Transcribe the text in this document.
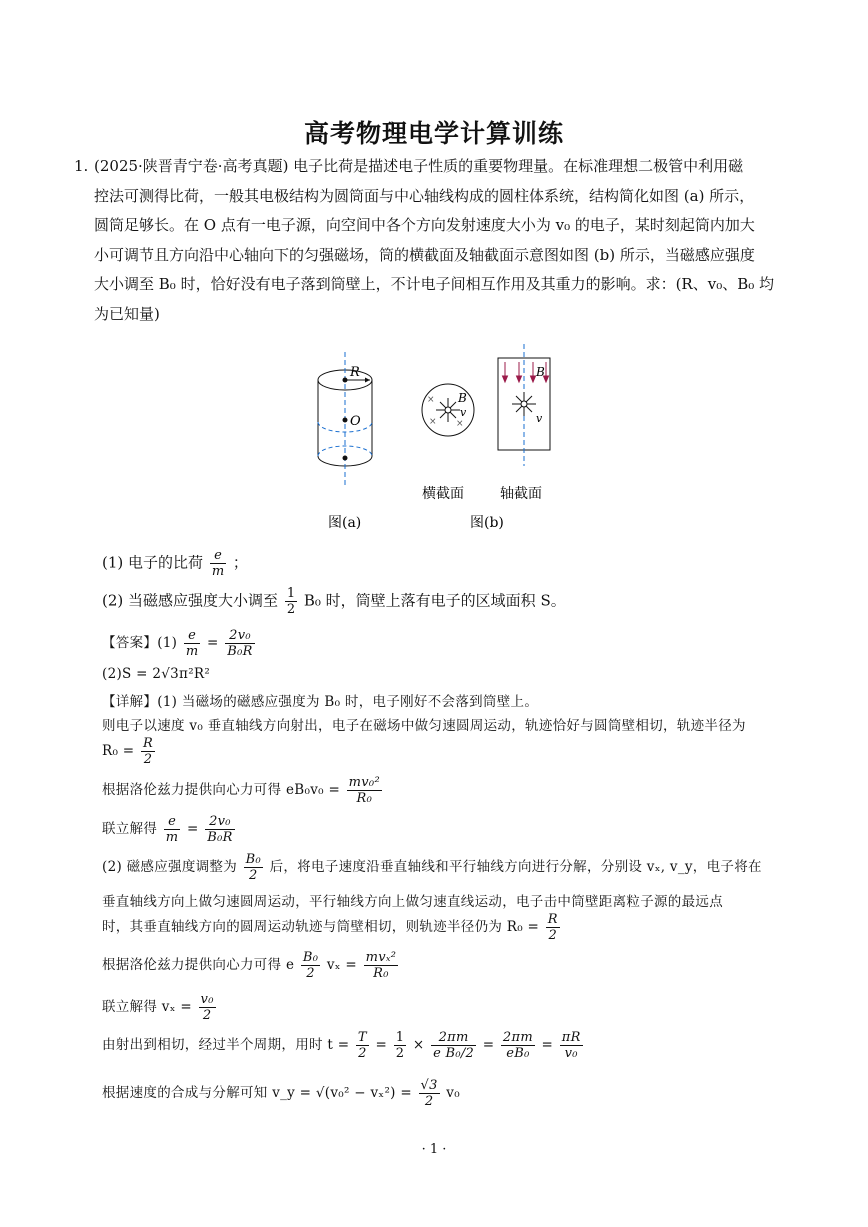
高考物理电学计算训练
1. (2025·陕晋青宁卷·高考真题) 电子比荷是描述电子性质的重要物理量。在标准理想二极管中利用磁
控法可测得比荷，一般其电极结构为圆筒面与中心轴线构成的圆柱体系统，结构简化如图 (a) 所示，
圆筒足够长。在 O 点有一电子源，向空间中各个方向发射速度大小为 v₀ 的电子，某时刻起筒内加大
小可调节且方向沿中心轴向下的匀强磁场，筒的横截面及轴截面示意图如图 (b) 所示，当磁感应强度
大小调至 B₀ 时，恰好没有电子落到筒壁上，不计电子间相互作用及其重力的影响。求：(R、v₀、B₀ 均
为已知量)
R
O
×
× ×
B
v
B
v
横截面	轴截面
图(a)	图(b)
(1) 电子的比荷 $\frac{e}{m}$ ；
(2) 当磁感应强度大小调至 $\frac{1}{2} B_0$ 时，筒壁上落有电子的区域面积 S。
【答案】$(1) \frac{e}{m} = \frac{\text{2v₀}}{\text{B₀R}}$
(2)S = 2√3π²R²
【详解】(1) 当磁场的磁感应强度为 B₀ 时，电子刚好不会落到筒壁上。
则电子以速度 v₀ 垂直轴线方向射出，电子在磁场中做匀速圆周运动，轨迹恰好与圆筒壁相切，轨迹半径为
$R_0 = \frac{R}{2}$
根据洛伦兹力提供向心力可得 $eB_0v_0 = \frac{\text{mv₀²}}{\text{R₀}}$
联立解得 $\frac{e}{m} = \frac{\text{2v₀}}{\text{B₀R}}$
(2) 磁感应强度调整为 $\frac{\text{B₀}}{2}$ 后，将电子速度沿垂直轴线和平行轴线方向进行分解，分别设 vₓ, v_y，电子将在
垂直轴线方向上做匀速圆周运动，平行轴线方向上做匀速直线运动，电子击中筒壁距离粒子源的最远点
时，其垂直轴线方向的圆周运动轨迹与筒壁相切，则轨迹半径仍为 $R_0 = \frac{R}{2}$
根据洛伦兹力提供向心力可得 e $\frac{\text{B₀}}{2}$ $v_x = \frac{\text{mvₓ²}}{\text{R₀}}$
联立解得 $v_x = \frac{\text{v₀}}{2}$
由射出到相切，经过半个周期，用时 $t = \frac{T}{2} = \frac{1}{2} \times \frac{2\pi m}{\text{e B₀/2}} = \frac{2\pi m}{\text{eB₀}} = \frac{\pi R}{\text{v₀}}$
根据速度的合成与分解可知 v_y = $√(v_0^2 - v_x^2) = \frac{√3}{2} v_0$
· 1 ·
